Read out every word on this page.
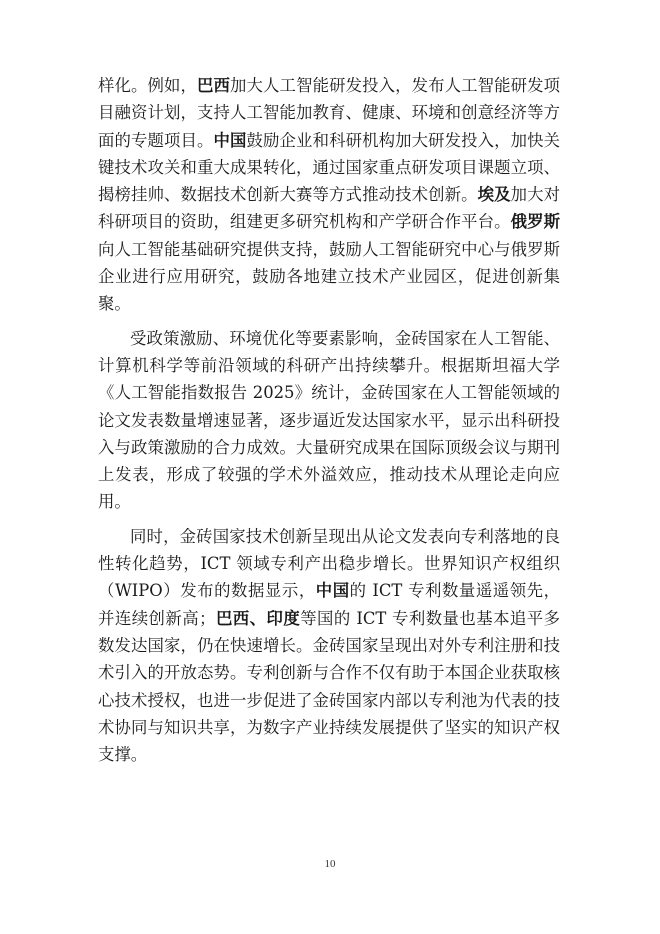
样化。例如，巴西加大人工智能研发投入，发布人工智能研发项目融资计划，支持人工智能加教育、健康、环境和创意经济等方面的专题项目。中国鼓励企业和科研机构加大研发投入，加快关键技术攻关和重大成果转化，通过国家重点研发项目课题立项、揭榜挂帅、数据技术创新大赛等方式推动技术创新。埃及加大对科研项目的资助，组建更多研究机构和产学研合作平台。俄罗斯向人工智能基础研究提供支持，鼓励人工智能研究中心与俄罗斯企业进行应用研究，鼓励各地建立技术产业园区，促进创新集聚。

受政策激励、环境优化等要素影响，金砖国家在人工智能、计算机科学等前沿领域的科研产出持续攀升。根据斯坦福大学《人工智能指数报告 2025》统计，金砖国家在人工智能领域的论文发表数量增速显著，逐步逼近发达国家水平，显示出科研投入与政策激励的合力成效。大量研究成果在国际顶级会议与期刊上发表，形成了较强的学术外溢效应，推动技术从理论走向应用。

同时，金砖国家技术创新呈现出从论文发表向专利落地的良性转化趋势，ICT 领域专利产出稳步增长。世界知识产权组织（WIPO）发布的数据显示，中国的 ICT 专利数量遥遥领先，并连续创新高；巴西、印度等国的 ICT 专利数量也基本追平多数发达国家，仍在快速增长。金砖国家呈现出对外专利注册和技术引入的开放态势。专利创新与合作不仅有助于本国企业获取核心技术授权，也进一步促进了金砖国家内部以专利池为代表的技术协同与知识共享，为数字产业持续发展提供了坚实的知识产权支撑。

10
